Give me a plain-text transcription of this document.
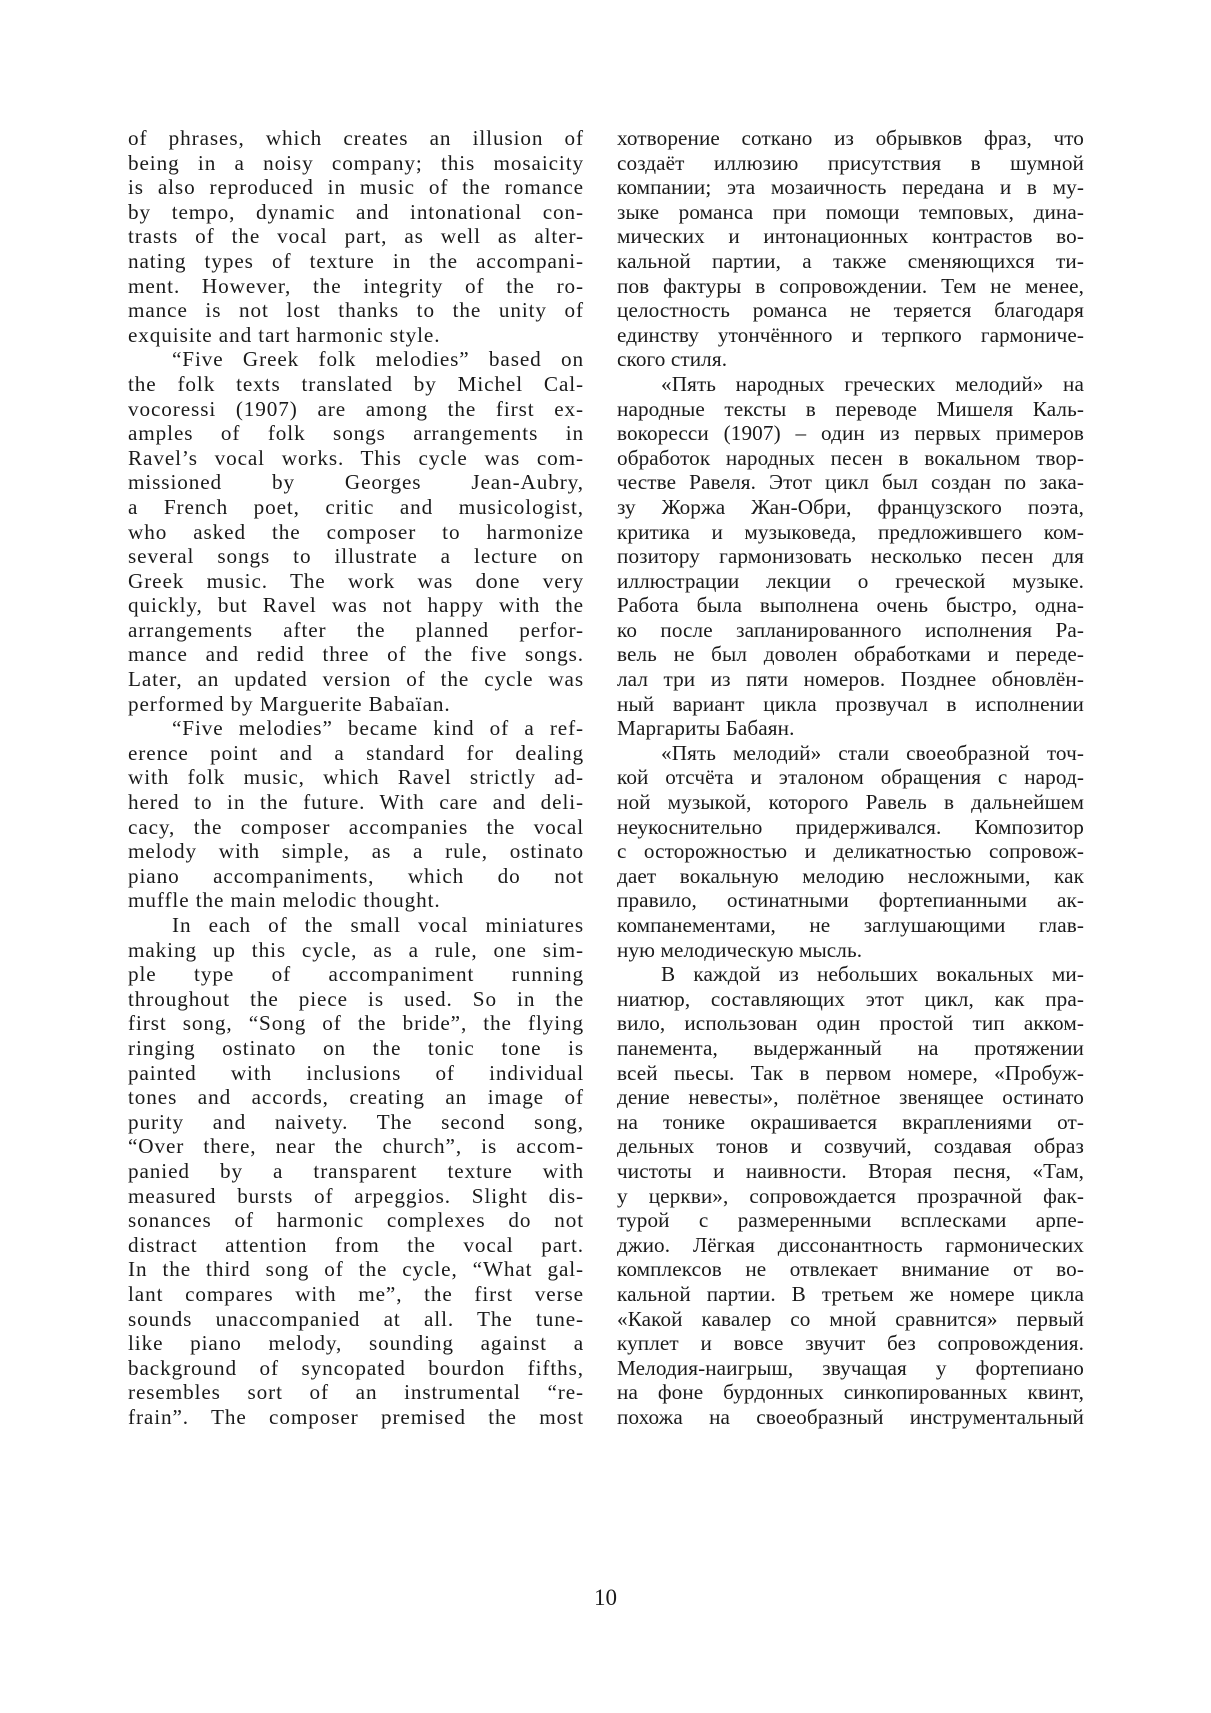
of phrases, which creates an illusion of
being in a noisy company; this mosaicity
is also reproduced in music of the romance
by tempo, dynamic and intonational con-
trasts of the vocal part, as well as alter-
nating types of texture in the accompani-
ment. However, the integrity of the ro-
mance is not lost thanks to the unity of
exquisite and tart harmonic style.
“Five Greek folk melodies” based on
the folk texts translated by Michel Cal-
vocoressi (1907) are among the first ex-
amples of folk songs arrangements in
Ravel’s vocal works. This cycle was com-
missioned by Georges Jean-Aubry,
a French poet, critic and musicologist,
who asked the composer to harmonize
several songs to illustrate a lecture on
Greek music. The work was done very
quickly, but Ravel was not happy with the
arrangements after the planned perfor-
mance and redid three of the five songs.
Later, an updated version of the cycle was
performed by Marguerite Babaïan.
“Five melodies” became kind of a ref-
erence point and a standard for dealing
with folk music, which Ravel strictly ad-
hered to in the future. With care and deli-
cacy, the composer accompanies the vocal
melody with simple, as a rule, ostinato
piano accompaniments, which do not
muffle the main melodic thought.
In each of the small vocal miniatures
making up this cycle, as a rule, one sim-
ple type of accompaniment running
throughout the piece is used. So in the
first song, “Song of the bride”, the flying
ringing ostinato on the tonic tone is
painted with inclusions of individual
tones and accords, creating an image of
purity and naivety. The second song,
“Over there, near the church”, is accom-
panied by a transparent texture with
measured bursts of arpeggios. Slight dis-
sonances of harmonic complexes do not
distract attention from the vocal part.
In the third song of the cycle, “What gal-
lant compares with me”, the first verse
sounds unaccompanied at all. The tune-
like piano melody, sounding against a
background of syncopated bourdon fifths,
resembles sort of an instrumental “re-
frain”. The composer premised the most
хотворение соткано из обрывков фраз, что
создаёт иллюзию присутствия в шумной
компании; эта мозаичность передана и в му-
зыке романса при помощи темповых, дина-
мических и интонационных контрастов во-
кальной партии, а также сменяющихся ти-
пов фактуры в сопровождении. Тем не менее,
целостность романса не теряется благодаря
единству утончённого и терпкого гармониче-
ского стиля.
«Пять народных греческих мелодий» на
народные тексты в переводе Мишеля Каль-
вокоресси (1907) – один из первых примеров
обработок народных песен в вокальном твор-
честве Равеля. Этот цикл был создан по зака-
зу Жоржа Жан-Обри, французского поэта,
критика и музыковеда, предложившего ком-
позитору гармонизовать несколько песен для
иллюстрации лекции о греческой музыке.
Работа была выполнена очень быстро, одна-
ко после запланированного исполнения Ра-
вель не был доволен обработками и переде-
лал три из пяти номеров. Позднее обновлён-
ный вариант цикла прозвучал в исполнении
Маргариты Бабаян.
«Пять мелодий» стали своеобразной точ-
кой отсчёта и эталоном обращения с народ-
ной музыкой, которого Равель в дальнейшем
неукоснительно придерживался. Композитор
с осторожностью и деликатностью сопровож-
дает вокальную мелодию несложными, как
правило, остинатными фортепианными ак-
компанементами, не заглушающими глав-
ную мелодическую мысль.
В каждой из небольших вокальных ми-
ниатюр, составляющих этот цикл, как пра-
вило, использован один простой тип акком-
панемента, выдержанный на протяжении
всей пьесы. Так в первом номере, «Пробуж-
дение невесты», полётное звенящее остинато
на тонике окрашивается вкраплениями от-
дельных тонов и созвучий, создавая образ
чистоты и наивности. Вторая песня, «Там,
у церкви», сопровождается прозрачной фак-
турой с размеренными всплесками арпе-
джио. Лёгкая диссонантность гармонических
комплексов не отвлекает внимание от во-
кальной партии. В третьем же номере цикла
«Какой кавалер со мной сравнится» первый
куплет и вовсе звучит без сопровождения.
Мелодия-наигрыш, звучащая у фортепиано
на фоне бурдонных синкопированных квинт,
похожа на своеобразный инструментальный
10
